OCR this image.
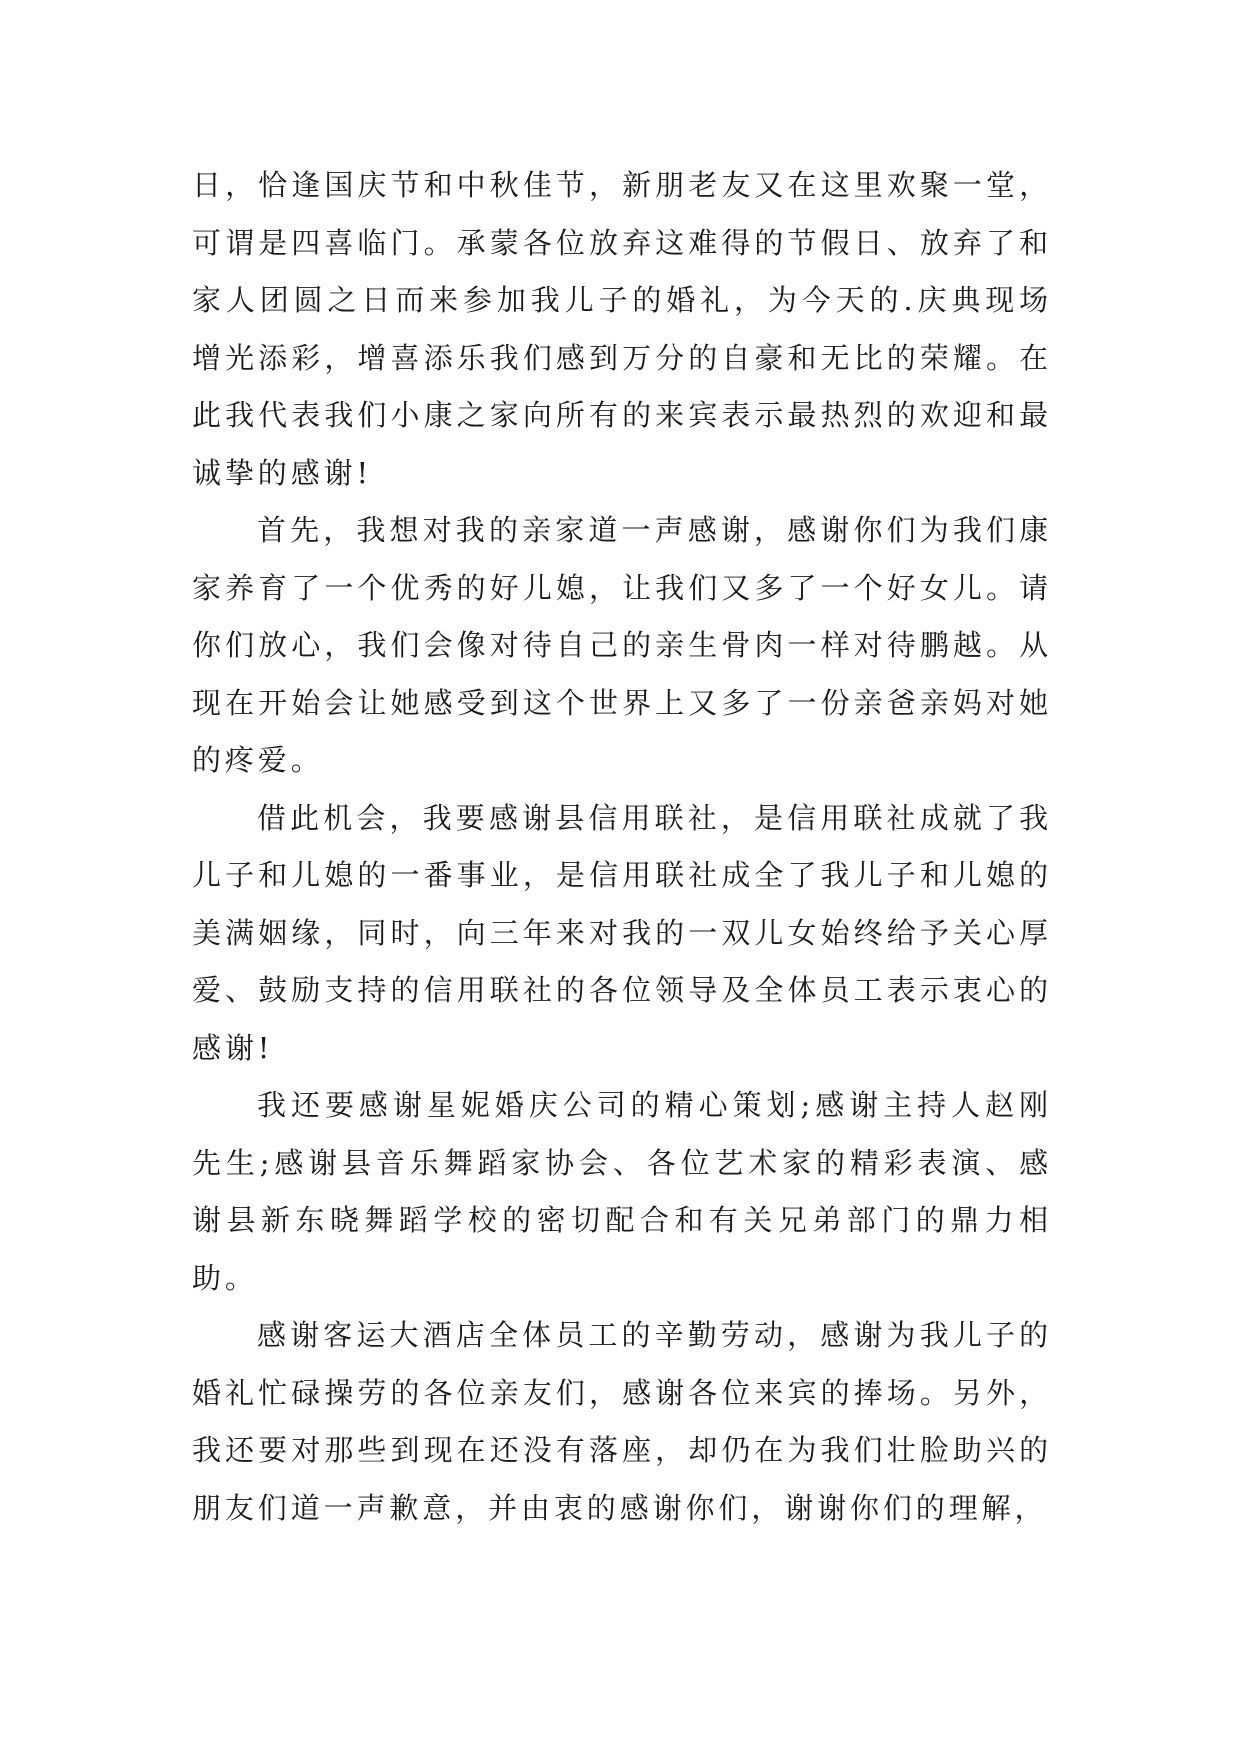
日，恰逢国庆节和中秋佳节，新朋老友又在这里欢聚一堂，可谓是四喜临门。承蒙各位放弃这难得的节假日、放弃了和家人团圆之日而来参加我儿子的婚礼，为今天的.庆典现场增光添彩，增喜添乐我们感到万分的自豪和无比的荣耀。在此我代表我们小康之家向所有的来宾表示最热烈的欢迎和最诚挚的感谢!

首先，我想对我的亲家道一声感谢，感谢你们为我们康家养育了一个优秀的好儿媳，让我们又多了一个好女儿。请你们放心，我们会像对待自己的亲生骨肉一样对待鹏越。从现在开始会让她感受到这个世界上又多了一份亲爸亲妈对她的疼爱。

借此机会，我要感谢县信用联社，是信用联社成就了我儿子和儿媳的一番事业，是信用联社成全了我儿子和儿媳的美满姻缘，同时，向三年来对我的一双儿女始终给予关心厚爱、鼓励支持的信用联社的各位领导及全体员工表示衷心的感谢!

我还要感谢星妮婚庆公司的精心策划;感谢主持人赵刚先生;感谢县音乐舞蹈家协会、各位艺术家的精彩表演、感谢县新东晓舞蹈学校的密切配合和有关兄弟部门的鼎力相助。

感谢客运大酒店全体员工的辛勤劳动，感谢为我儿子的婚礼忙碌操劳的各位亲友们，感谢各位来宾的捧场。另外，我还要对那些到现在还没有落座，却仍在为我们壮脸助兴的朋友们道一声歉意，并由衷的感谢你们，谢谢你们的理解，
